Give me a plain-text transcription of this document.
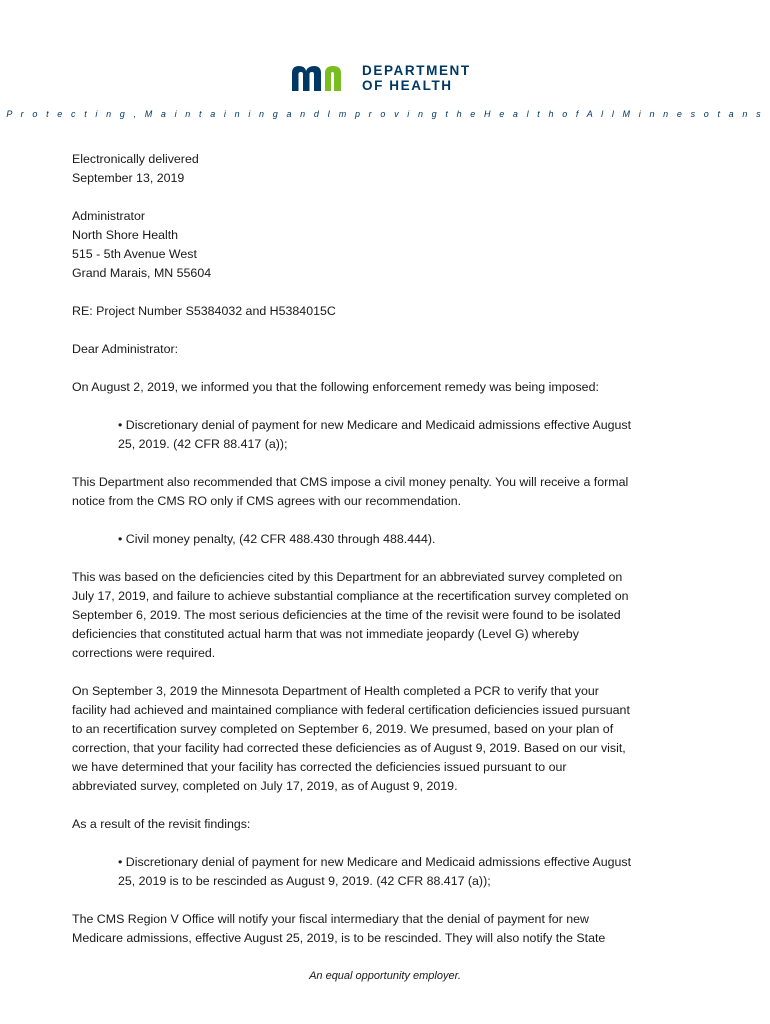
DEPARTMENT
OF HEALTH
P r o t e c t i n g , M a i n t a i n i n g a n d I m p r o v i n g t h e H e a l t h o f A l l M i n n e s o t a n s

Electronically delivered
September 13, 2019

Administrator
North Shore Health
515 - 5th Avenue West
Grand Marais, MN 55604

RE: Project Number S5384032 and H5384015C

Dear Administrator:

On August 2, 2019, we informed you that the following enforcement remedy was being imposed:

• Discretionary denial of payment for new Medicare and Medicaid admissions effective August
25, 2019. (42 CFR 88.417 (a));

This Department also recommended that CMS impose a civil money penalty. You will receive a formal
notice from the CMS RO only if CMS agrees with our recommendation.

• Civil money penalty, (42 CFR 488.430 through 488.444).

This was based on the deficiencies cited by this Department for an abbreviated survey completed on
July 17, 2019, and failure to achieve substantial compliance at the recertification survey completed on
September 6, 2019. The most serious deficiencies at the time of the revisit were found to be isolated
deficiencies that constituted actual harm that was not immediate jeopardy (Level G) whereby
corrections were required.

On September 3, 2019 the Minnesota Department of Health completed a PCR to verify that your
facility had achieved and maintained compliance with federal certification deficiencies issued pursuant
to an recertification survey completed on September 6, 2019. We presumed, based on your plan of
correction, that your facility had corrected these deficiencies as of August 9, 2019. Based on our visit,
we have determined that your facility has corrected the deficiencies issued pursuant to our
abbreviated survey, completed on July 17, 2019, as of August 9, 2019.

As a result of the revisit findings:

• Discretionary denial of payment for new Medicare and Medicaid admissions effective August
25, 2019 is to be rescinded as August 9, 2019. (42 CFR 88.417 (a));

The CMS Region V Office will notify your fiscal intermediary that the denial of payment for new
Medicare admissions, effective August 25, 2019, is to be rescinded. They will also notify the State

An equal opportunity employer.
